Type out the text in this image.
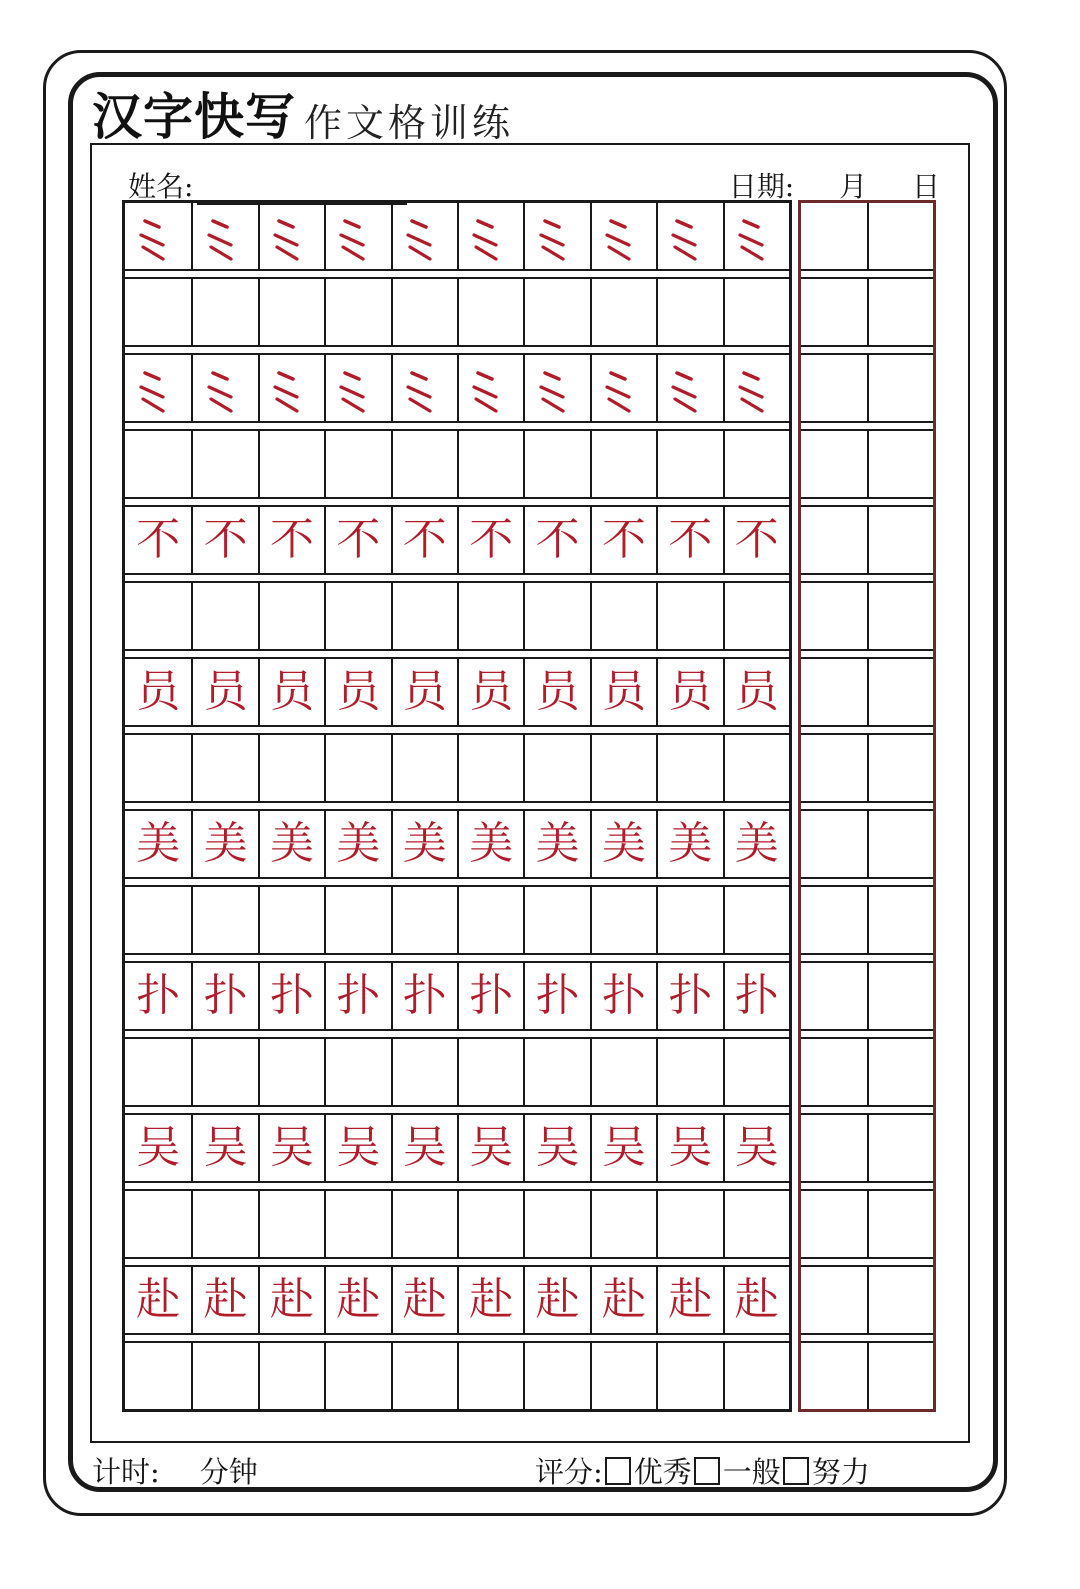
汉字快写 作文格训练
姓名:	日期: 月 日
不 不 不 不 不 不 不 不 不 不
员 员 员 员 员 员 员 员 员 员
美 美 美 美 美 美 美 美 美 美
扑 扑 扑 扑 扑 扑 扑 扑 扑 扑
吴 吴 吴 吴 吴 吴 吴 吴 吴 吴
赴 赴 赴 赴 赴 赴 赴 赴 赴 赴
计时: 分钟	评分: 优秀 一般 努力
